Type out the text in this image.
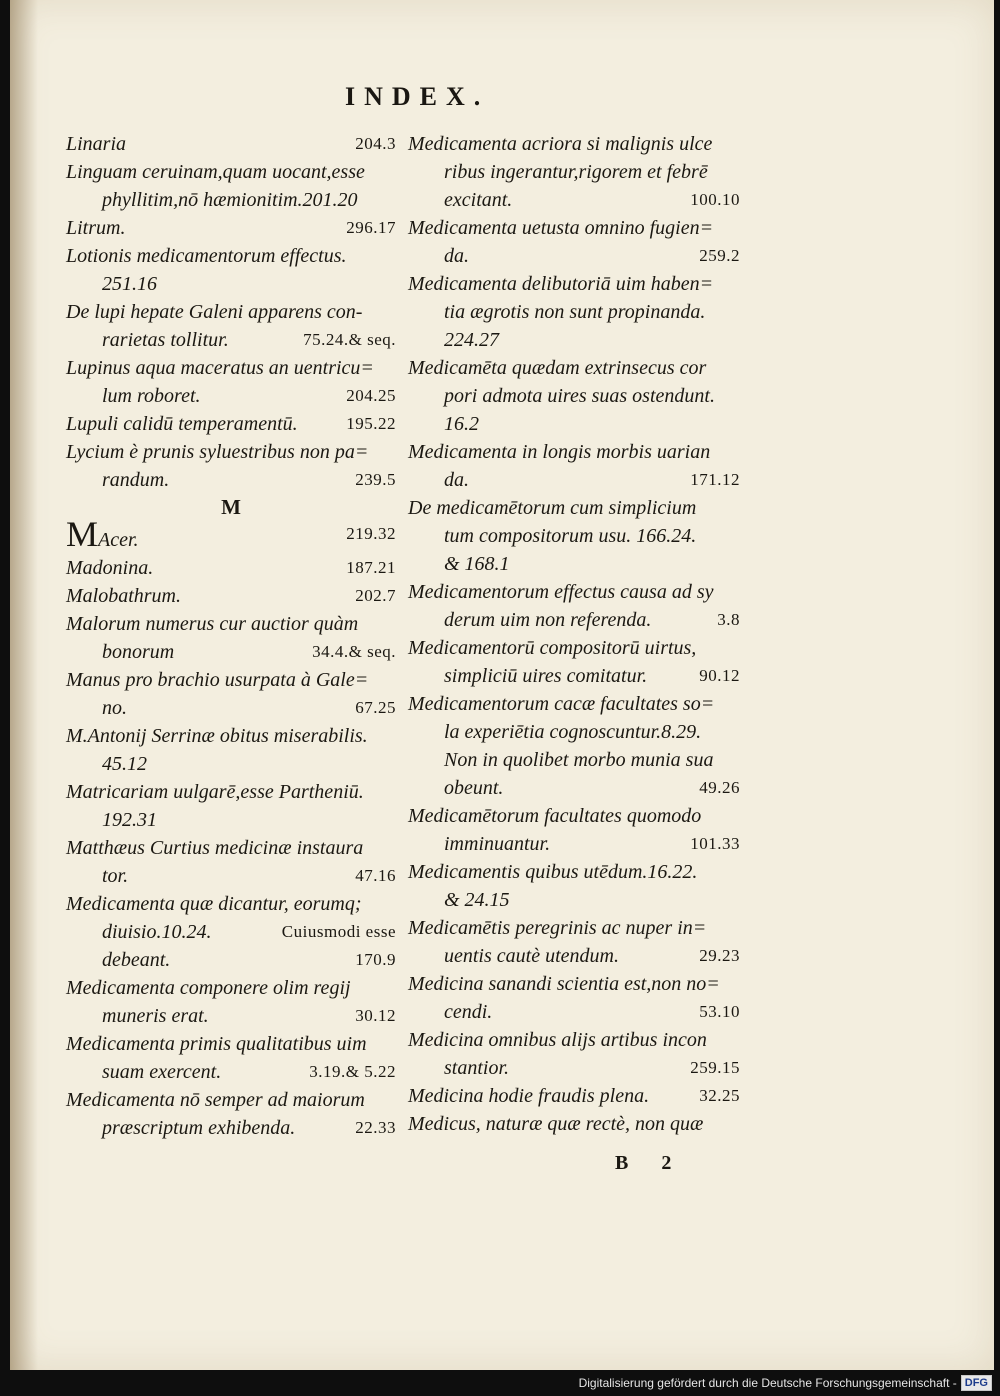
INDEX.
Linaria	204.3
Linguam ceruinam,quam uocant,esse
phyllitim,nō hæmionitim.201.20
Litrum.	296.17
Lotionis medicamentorum effectus.
251.16
De lupi hepate Galeni apparens con-
rarietas tollitur.	75.24.& seq.
Lupinus aqua maceratus an uentricu=
lum roboret.	204.25
Lupuli calidū temperamentū.	195.22
Lycium è prunis syluestribus non pa=
randum.	239.5
M
MAcer.	219.32
Madonina.	187.21
Malobathrum.	202.7
Malorum numerus cur auctior quàm
bonorum	34.4.& seq.
Manus pro brachio usurpata à Gale=
no.	67.25
M.Antonij Serrinæ obitus miserabilis.
45.12
Matricariam uulgarē,esse Partheniū.
192.31
Matthæus Curtius medicinæ instaura
tor.	47.16
Medicamenta quæ dicantur, eorumq;
diuisio.10.24.	Cuiusmodi esse
debeant.	170.9
Medicamenta componere olim regij
muneris erat.	30.12
Medicamenta primis qualitatibus uim
suam exercent.	3.19.& 5.22
Medicamenta nō semper ad maiorum
præscriptum exhibenda.	22.33
Medicamenta acriora si malignis ulce
ribus ingerantur,rigorem et febrē
excitant.	100.10
Medicamenta uetusta omnino fugien=
da.	259.2
Medicamenta delibutoriā uim haben=
tia ægrotis non sunt propinanda.
224.27
Medicamēta quædam extrinsecus cor
pori admota uires suas ostendunt.
16.2
Medicamenta in longis morbis uarian
da.	171.12
De medicamētorum cum simplicium
tum compositorum usu. 166.24.
& 168.1
Medicamentorum effectus causa ad sy
derum uim non referenda.	3.8
Medicamentorū compositorū uirtus,
simpliciū uires comitatur.	90.12
Medicamentorum cacæ facultates so=
la experiētia cognoscuntur.8.29.
Non in quolibet morbo munia sua
obeunt.	49.26
Medicamētorum facultates quomodo
imminuantur.	101.33
Medicamentis quibus utēdum.16.22.
& 24.15
Medicamētis peregrinis ac nuper in=
uentis cautè utendum.	29.23
Medicina sanandi scientia est,non no=
cendi.	53.10
Medicina omnibus alijs artibus incon
stantior.	259.15
Medicina hodie fraudis plena.	32.25
Medicus, naturæ quæ rectè, non quæ
B 2
Digitalisierung gefördert durch die Deutsche Forschungsgemeinschaft - DFG
